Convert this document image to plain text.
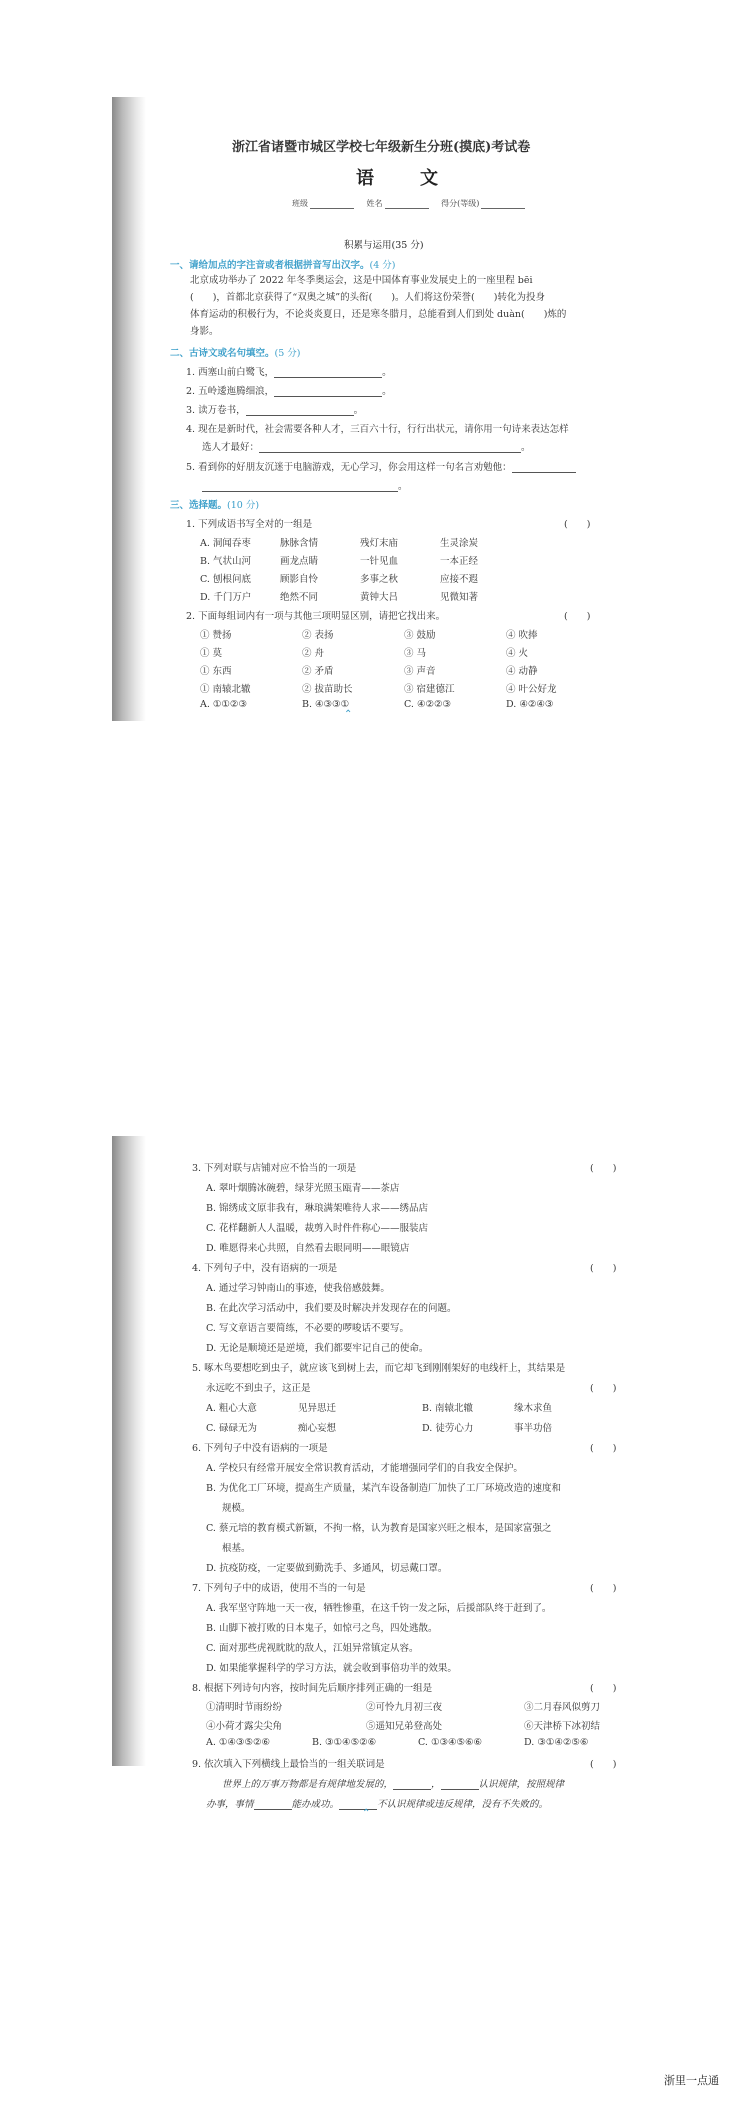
浙江省诸暨市城区学校七年级新生分班(摸底)考试卷
语　文
班级	姓名	得分(等级)
积累与运用(35 分)
一、请给加点的字注音或者根据拼音写出汉字。(4 分)
北京成功举办了 2022 年冬季奥运会，这是中国体育事业发展史上的一座里程 bēi
(　　)，首都北京获得了“双奥之城”的头衔(　　)。人们将这份荣誉(　　)转化为投身
体育运动的积极行为，不论炎炎夏日，还是寒冬腊月，总能看到人们到处 duàn(　　)炼的
身影。
二、古诗文或名句填空。(5 分)
1. 西塞山前白鹭飞，	。
2. 五岭逶迤腾细浪，	。
3. 读万卷书，	。
4. 现在是新时代，社会需要各种人才，三百六十行，行行出状元，请你用一句诗来表达怎样
选人才最好：	。
5. 看到你的好朋友沉迷于电脑游戏，无心学习，你会用这样一句名言劝勉他：
。
三、选择题。(10 分)
1. 下列成语书写全对的一组是	(　　)
A. 洞闻吞枣	脉脉含情	残灯末庙	生灵涂炭
B. 气状山河	画龙点睛	一针见血	一本正经
C. 刨根问底	顾影自怜	多事之秋	应接不遐
D. 千门万户	绝然不同	黄钟大吕	见微知著
2. 下面每组词内有一项与其他三项明显区别，请把它找出来。	(　　)
① 赞扬	② 表扬	③ 鼓励	④ 吹捧
① 莫	② 舟	③ 马	④ 火
① 东西	② 矛盾	③ 声音	④ 动静
① 南辕北辙	② 拔苗助长	③ 宿建德江	④ 叶公好龙
A. ①①②③	B. ④③③①	C. ④②②③	D. ④②④③
⌃
3. 下列对联与店铺对应不恰当的一项是	(　　)
A. 翠叶烟腾冰碗碧，绿芽光照玉瓯青——茶店
B. 锦绣成文原非我有，琳琅满架唯待人求——绣品店
C. 花样翻新人人温暖，裁剪入时件件称心——服装店
D. 唯愿得来心共照，自然看去眼同明——眼镜店
4. 下列句子中，没有语病的一项是	(　　)
A. 通过学习钟南山的事迹，使我倍感鼓舞。
B. 在此次学习活动中，我们要及时解决并发现存在的问题。
C. 写文章语言要简练，不必要的啰唆话不要写。
D. 无论是顺境还是逆境，我们都要牢记自己的使命。
5. 啄木鸟要想吃到虫子，就应该飞到树上去，而它却飞到刚刚架好的电线杆上，其结果是
永远吃不到虫子，这正是	(　　)
A. 粗心大意	见异思迁	B. 南辕北辙	缘木求鱼
C. 碌碌无为	痴心妄想	D. 徒劳心力	事半功倍
6. 下列句子中没有语病的一项是	(　　)
A. 学校只有经常开展安全常识教育活动，才能增强同学们的自我安全保护。
B. 为优化工厂环境，提高生产质量，某汽车设备制造厂加快了工厂环境改造的速度和
规模。
C. 蔡元培的教育模式新颖，不拘一格，认为教育是国家兴旺之根本，是国家富强之
根基。
D. 抗疫防疫，一定要做到勤洗手、多通风，切忌戴口罩。
7. 下列句子中的成语，使用不当的一句是	(　　)
A. 我军坚守阵地一天一夜，牺牲惨重，在这千钧一发之际，后援部队终于赶到了。
B. 山脚下被打败的日本鬼子，如惊弓之鸟，四处逃散。
C. 面对那些虎视眈眈的敌人，江姐异常镇定从容。
D. 如果能掌握科学的学习方法，就会收到事倍功半的效果。
8. 根据下列诗句内容，按时间先后顺序排列正确的一组是	(　　)
①清明时节雨纷纷	②可怜九月初三夜	③二月春风似剪刀
④小荷才露尖尖角	⑤遥知兄弟登高处	⑥天津桥下冰初结
A. ①④③⑤②⑥	B. ③①④⑤②⑥	C. ①③④⑤⑥⑥	D. ③①④②⑤⑥
9. 依次填入下列横线上最恰当的一组关联词是	(　　)
世界上的万事万物都是有规律地发展的，	，	认识规律，按照规律
办事，事情	能办成功。	不认识规律或违反规律，没有不失败的。
⌃
浙里一点通
